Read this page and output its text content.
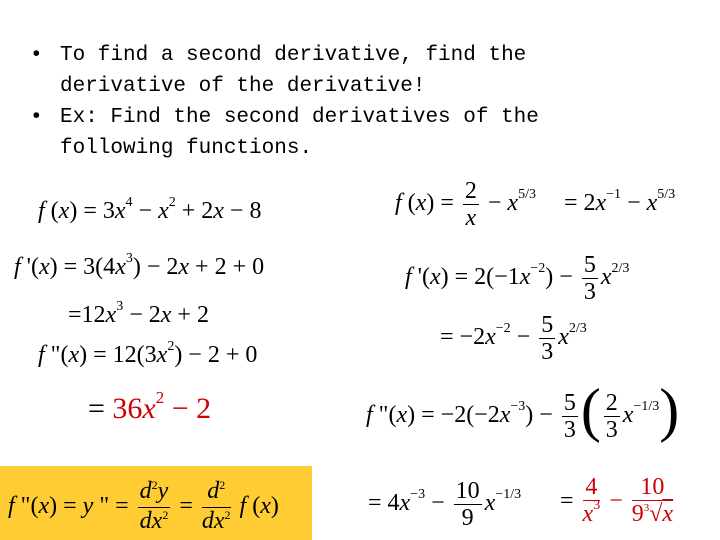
• To find a second derivative, find the
derivative of the derivative!
• Ex: Find the second derivatives of the
following functions.
f $(x) = 3x^4 - x^2 + 2x - 8$
f '$(x) = 3(4x^3) - 2x + 2 + 0$
$=12x^3 - 2x + 2$
f "$(x) = 12(3x^2) - 2 + 0$
= $36x^2 - 2$
f "(x) = y " = $\frac{d^2y}{dx^2} = \frac{d^2}{dx^2}$ f (x)
f $(x) = \frac{2}{x} - x^{5/3} = 2x^{-1} - x^{5/3}$
f '$(x) = 2(-1x^{-2}) - \frac{5}{3} x^{2/3}$
= $-2x^{-2} - \frac{5}{3} x^{2/3}$
f "$(x) = -2(-2x^{-3}) - \frac{5}{3}$ ( $\frac{2}{3} x^{-1/3}$)
= $4x^{-3} - \frac{10}{9} x^{-1/3} = \frac{4}{x^3} - \frac{10}{9^3√x}$
